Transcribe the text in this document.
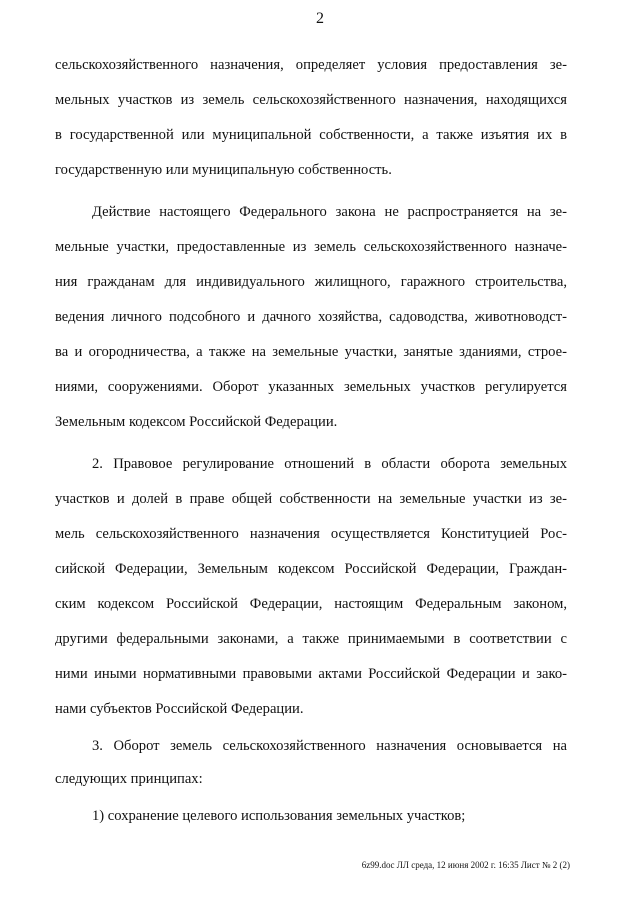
2
сельскохозяйственного назначения, определяет условия предоставления зе-
мельных участков из земель сельскохозяйственного назначения, находящихся
в государственной или муниципальной собственности, а также изъятия их в
государственную или муниципальную собственность.
Действие настоящего Федерального закона не распространяется на зе-
мельные участки, предоставленные из земель сельскохозяйственного назначе-
ния гражданам для индивидуального жилищного, гаражного строительства,
ведения личного подсобного и дачного хозяйства, садоводства, животноводст-
ва и огородничества, а также на земельные участки, занятые зданиями, строе-
ниями, сооружениями. Оборот указанных земельных участков регулируется
Земельным кодексом Российской Федерации.
2. Правовое регулирование отношений в области оборота земельных
участков и долей в праве общей собственности на земельные участки из зе-
мель сельскохозяйственного назначения осуществляется Конституцией Рос-
сийской Федерации, Земельным кодексом Российской Федерации, Граждан-
ским кодексом Российской Федерации, настоящим Федеральным законом,
другими федеральными законами, а также принимаемыми в соответствии с
ними иными нормативными правовыми актами Российской Федерации и зако-
нами субъектов Российской Федерации.
3. Оборот земель сельскохозяйственного назначения основывается на
следующих принципах:
1) сохранение целевого использования земельных участков;
6z99.doc ЛЛ среда, 12 июня 2002 г. 16:35 Лист № 2 (2)
